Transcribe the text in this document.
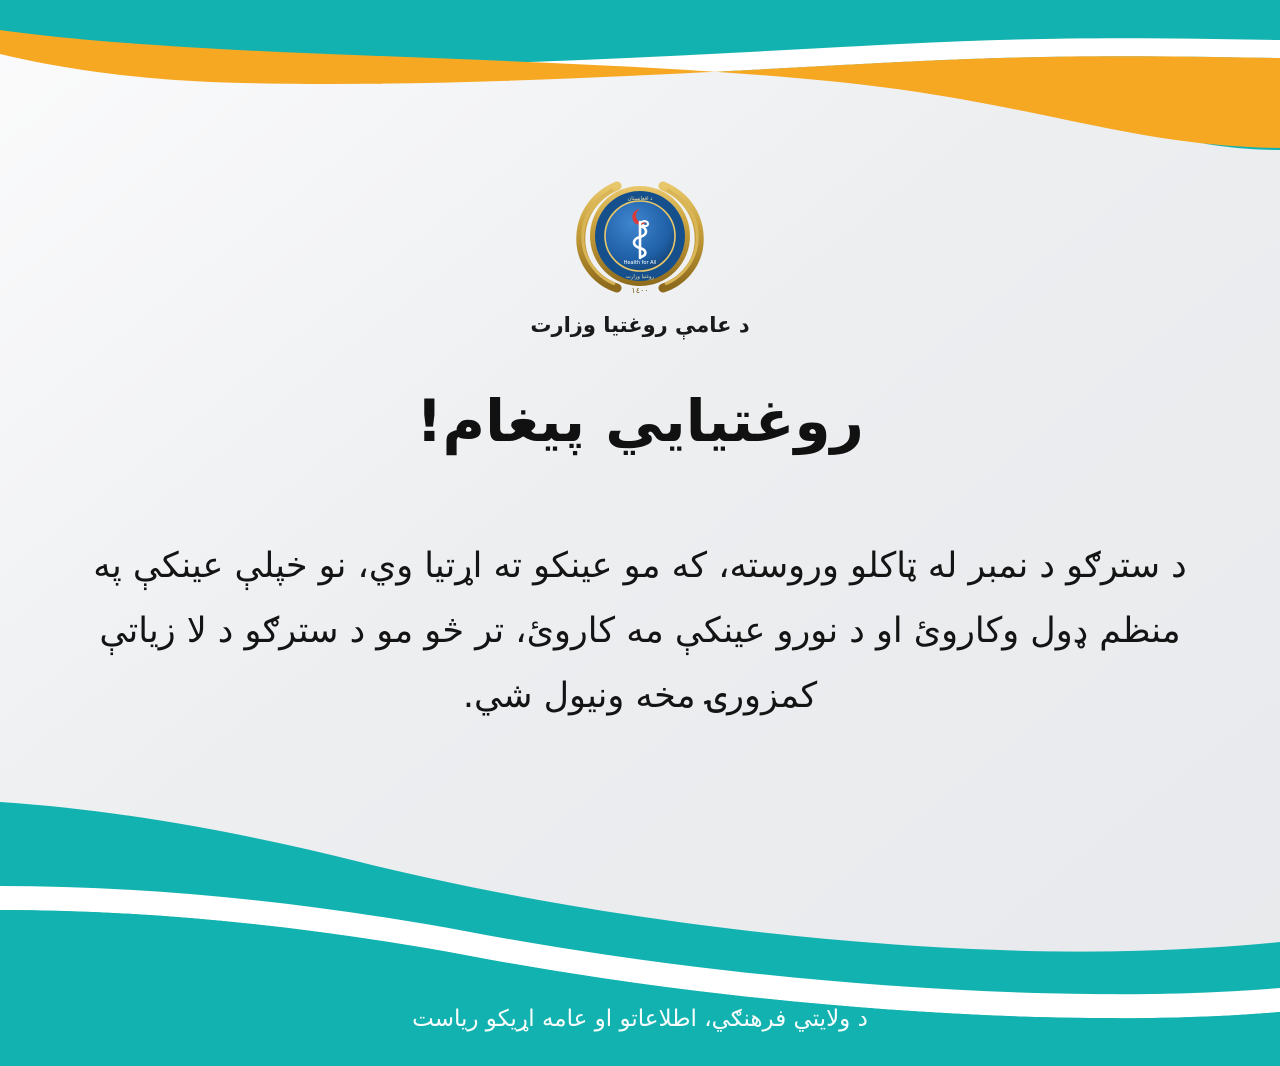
د افغانستان
روغتيا وزارت
Health for All
١٤٠٠
د عامې روغتيا وزارت
روغتيايي پيغام!

د سترګو د نمبر له ټاکلو وروسته، که مو عينکو ته اړتيا وي، نو خپلې عينکې په منظم ډول وکاروئ او د نورو عينکې مه کاروئ، تر څو مو د سترګو د لا زياتې کمزورۍ مخه ونيول شي.

د ولايتي فرهنګي، اطلاعاتو او عامه اړيکو رياست
